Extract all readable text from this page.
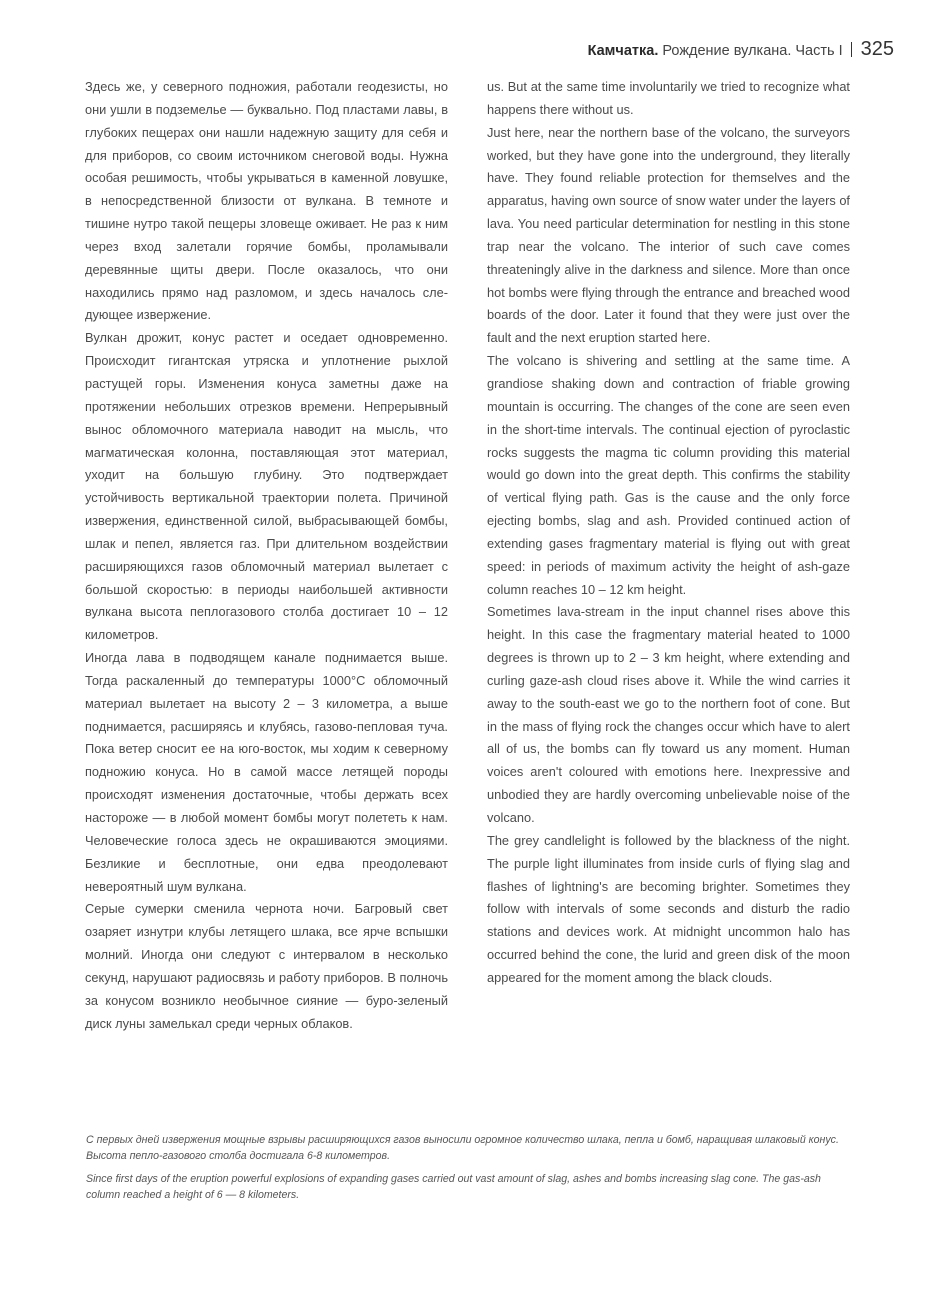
Камчатка.
Рождение вулкана. Часть I 325

Здесь же, у северного подножия, работали геодезисты, но они ушли в подземелье — буквально. Под пластами лавы, в глубоких пещерах они нашли надежную защиту для себя и для приборов, со своим источником снеговой воды. Нужна особая решимость, чтобы укрываться в каменной ловушке, в непосредственной близости от вулкана. В темноте и тишине нутро такой пещеры зловеще оживает. Не раз к ним через вход залетали горячие бомбы, проламывали деревянные щиты двери. После оказалось, что они находились прямо над разломом, и здесь началось следующее извержение.

Вулкан дрожит, конус растет и оседает одновременно. Происходит гигантская утряска и уплотнение рыхлой растущей горы. Изменения конуса заметны даже на протяжении небольших отрезков времени. Непрерывный вынос обломочного материала наводит на мысль, что магматическая колонна, поставляющая этот материал, уходит на большую глубину. Это подтверждает устойчивость вертикальной траектории полета. Причиной извержения, единственной силой, выбрасывающей бомбы, шлак и пепел, является газ. При длительном воздействии расширяющихся газов обломочный материал вылетает с большой скоростью: в периоды наибольшей активности вулкана высота пеплогазового столба достигает 10 – 12 километров.

Иногда лава в подводящем канале поднимается выше. Тогда раскаленный до температуры 1000°С обломочный материал вылетает на высоту 2 – 3 километра, а выше поднимается, расширяясь и клубясь, газово-пепловая туча. Пока ветер сносит ее на юго-восток, мы ходим к северному подножию конуса. Но в самой массе летящей породы происходят изменения достаточные, чтобы держать всех настороже — в любой момент бомбы могут полететь к нам. Человеческие голоса здесь не окрашиваются эмоциями. Безликие и бесплотные, они едва преодолевают невероятный шум вулкана.

Серые сумерки сменила чернота ночи. Багровый свет озаряет изнутри клубы летящего шлака, все ярче вспышки молний. Иногда они следуют с интервалом в несколько секунд, нарушают радиосвязь и работу приборов. В полночь за конусом возникло необычное сияние — буро-зеленый диск луны замелькал среди черных облаков.

us. But at the same time involuntarily we tried to recognize what happens there without us.

Just here, near the northern base of the volcano, the surveyors worked, but they have gone into the underground, they literally have. They found reliable protection for themselves and the apparatus, having own source of snow water under the layers of lava. You need particular determination for nestling in this stone trap near the volcano. The interior of such cave comes threateningly alive in the darkness and silence. More than once hot bombs were flying through the entrance and breached wood boards of the door. Later it found that they were just over the fault and the next eruption started here.

The volcano is shivering and settling at the same time. A grandiose shaking down and contraction of friable growing mountain is occurring. The changes of the cone are seen even in the short-time intervals. The continual ejection of pyroclastic rocks suggests the magma tic column providing this material would go down into the great depth. This confirms the stability of vertical flying path. Gas is the cause and the only force ejecting bombs, slag and ash. Provided continued action of extending gases fragmentary material is flying out with great speed: in periods of maximum activity the height of ash-gaze column reaches 10 – 12 km height.

Sometimes lava-stream in the input channel rises above this height. In this case the fragmentary material heated to 1000 degrees is thrown up to 2 – 3 km height, where extending and curling gaze-ash cloud rises above it. While the wind carries it away to the south-east we go to the northern foot of cone. But in the mass of flying rock the changes occur which have to alert all of us, the bombs can fly toward us any moment. Human voices aren't coloured with emotions here. Inexpressive and unbodied they are hardly overcoming unbelievable noise of the volcano.

The grey candlelight is followed by the blackness of the night. The purple light illuminates from inside curls of flying slag and flashes of lightning's are becoming brighter. Sometimes they follow with intervals of some seconds and disturb the radio stations and devices work. At midnight uncommon halo has occurred behind the cone, the lurid and green disk of the moon appeared for the moment among the black clouds.

С первых дней извержения мощные взрывы расширяющихся газов выносили огромное количество шлака, пепла и бомб, наращивая шлаковый конус. Высота пепло-газового столба достигала 6-8 километров.

Since first days of the eruption powerful explosions of expanding gases carried out vast amount of slag, ashes and bombs increasing slag cone. The gas-ash column reached a height of 6 — 8 kilometers.
